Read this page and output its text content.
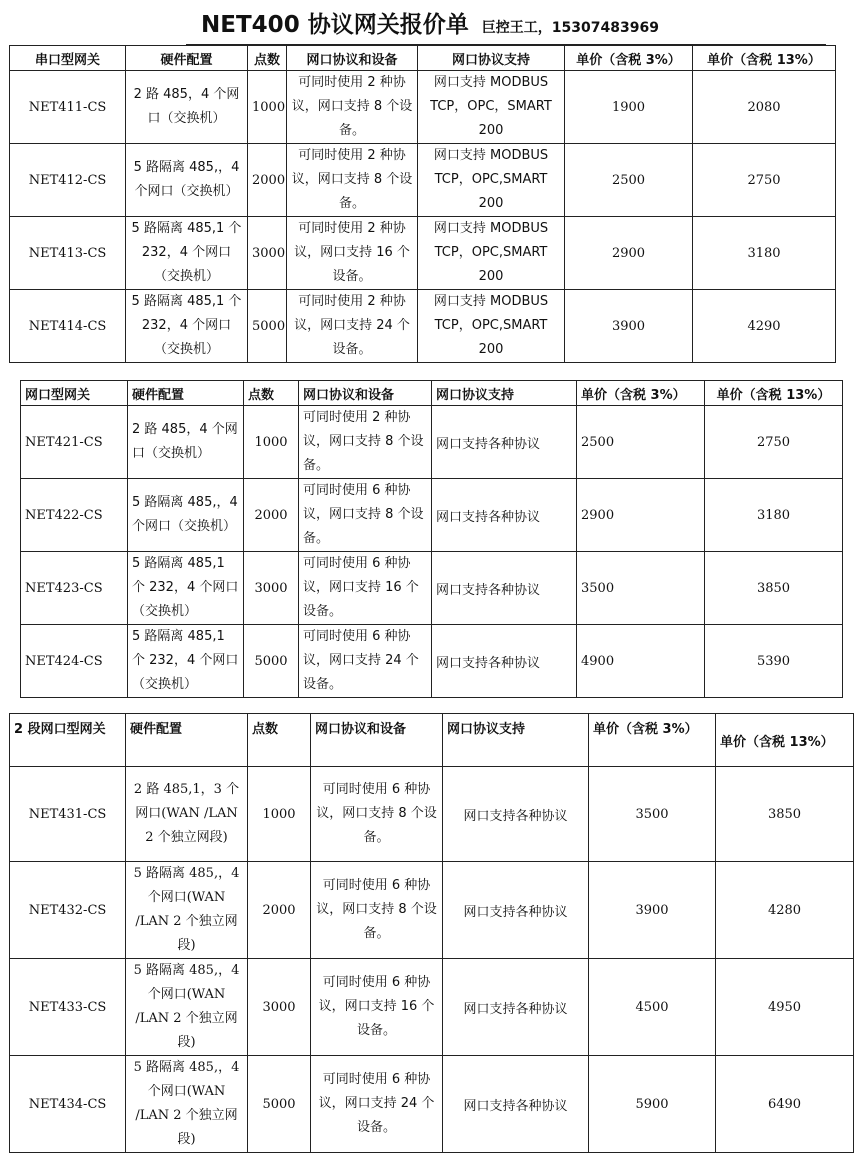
NET400 协议网关报价单 巨控王工，15307483969
串口型网关	硬件配置	点数	网口协议和设备	网口协议支持	单价（含税 3%）	单价（含税 13%）
NET411-CS	2 路 485，4 个网口（交换机）	1000	可同时使用 2 种协议，网口支持 8 个设备。	网口支持 MODBUS TCP，OPC，SMART 200	1900	2080
NET412-CS	5 路隔离 485,，4 个网口（交换机）	2000	可同时使用 2 种协议，网口支持 8 个设备。	网口支持 MODBUS TCP，OPC,SMART 200	2500	2750
NET413-CS	5 路隔离 485,1 个 232，4 个网口（交换机）	3000	可同时使用 2 种协议，网口支持 16 个设备。	网口支持 MODBUS TCP，OPC,SMART 200	2900	3180
NET414-CS	5 路隔离 485,1 个 232，4 个网口（交换机）	5000	可同时使用 2 种协议，网口支持 24 个设备。	网口支持 MODBUS TCP，OPC,SMART 200	3900	4290
网口型网关	硬件配置	点数	网口协议和设备	网口协议支持	单价（含税 3%）	单价（含税 13%）
NET421-CS	2 路 485，4 个网口（交换机）	1000	可同时使用 2 种协议，网口支持 8 个设备。	网口支持各种协议	2500	2750
NET422-CS	5 路隔离 485,，4 个网口（交换机）	2000	可同时使用 6 种协议，网口支持 8 个设备。	网口支持各种协议	2900	3180
NET423-CS	5 路隔离 485,1 个 232，4 个网口（交换机）	3000	可同时使用 6 种协议，网口支持 16 个设备。	网口支持各种协议	3500	3850
NET424-CS	5 路隔离 485,1 个 232，4 个网口（交换机）	5000	可同时使用 6 种协议，网口支持 24 个设备。	网口支持各种协议	4900	5390
2 段网口型网关	硬件配置	点数	网口协议和设备	网口协议支持	单价（含税 3%）	单价（含税 13%）
NET431-CS	2 路 485,1，3 个网口(WAN /LAN 2 个独立网段)	1000	可同时使用 6 种协议，网口支持 8 个设备。	网口支持各种协议	3500	3850
NET432-CS	5 路隔离 485,，4 个网口(WAN /LAN 2 个独立网段)	2000	可同时使用 6 种协议，网口支持 8 个设备。	网口支持各种协议	3900	4280
NET433-CS	5 路隔离 485,，4 个网口(WAN /LAN 2 个独立网段)	3000	可同时使用 6 种协议，网口支持 16 个设备。	网口支持各种协议	4500	4950
NET434-CS	5 路隔离 485,，4 个网口(WAN /LAN 2 个独立网段)	5000	可同时使用 6 种协议，网口支持 24 个设备。	网口支持各种协议	5900	6490
